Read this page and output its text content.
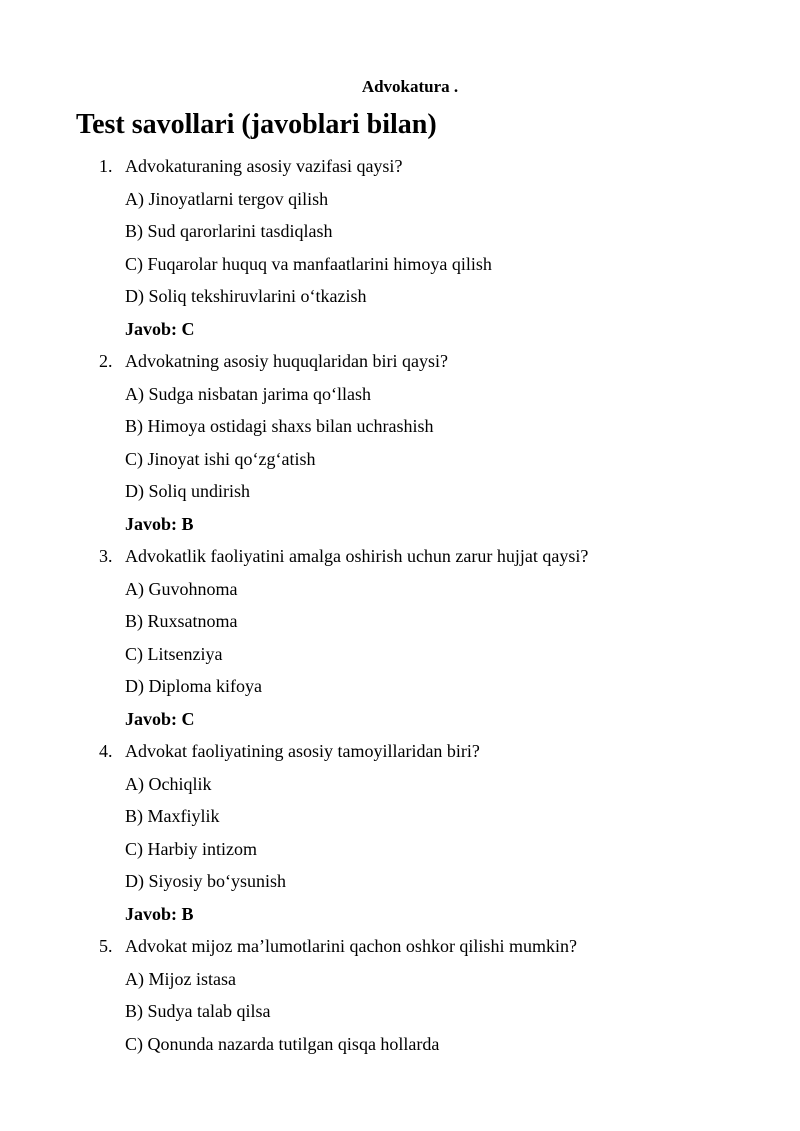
Advokatura .
Test savollari (javoblari bilan)
1. Advokaturaning asosiy vazifasi qaysi?
A) Jinoyatlarni tergov qilish
B) Sud qarorlarini tasdiqlash
C) Fuqarolar huquq va manfaatlarini himoya qilish
D) Soliq tekshiruvlarini o‘tkazish
Javob: C
2. Advokatning asosiy huquqlaridan biri qaysi?
A) Sudga nisbatan jarima qo‘llash
B) Himoya ostidagi shaxs bilan uchrashish
C) Jinoyat ishi qo‘zg‘atish
D) Soliq undirish
Javob: B
3. Advokatlik faoliyatini amalga oshirish uchun zarur hujjat qaysi?
A) Guvohnoma
B) Ruxsatnoma
C) Litsenziya
D) Diploma kifoya
Javob: C
4. Advokat faoliyatining asosiy tamoyillaridan biri?
A) Ochiqlik
B) Maxfiylik
C) Harbiy intizom
D) Siyosiy bo‘ysunish
Javob: B
5. Advokat mijoz ma’lumotlarini qachon oshkor qilishi mumkin?
A) Mijoz istasa
B) Sudya talab qilsa
C) Qonunda nazarda tutilgan qisqa hollarda
